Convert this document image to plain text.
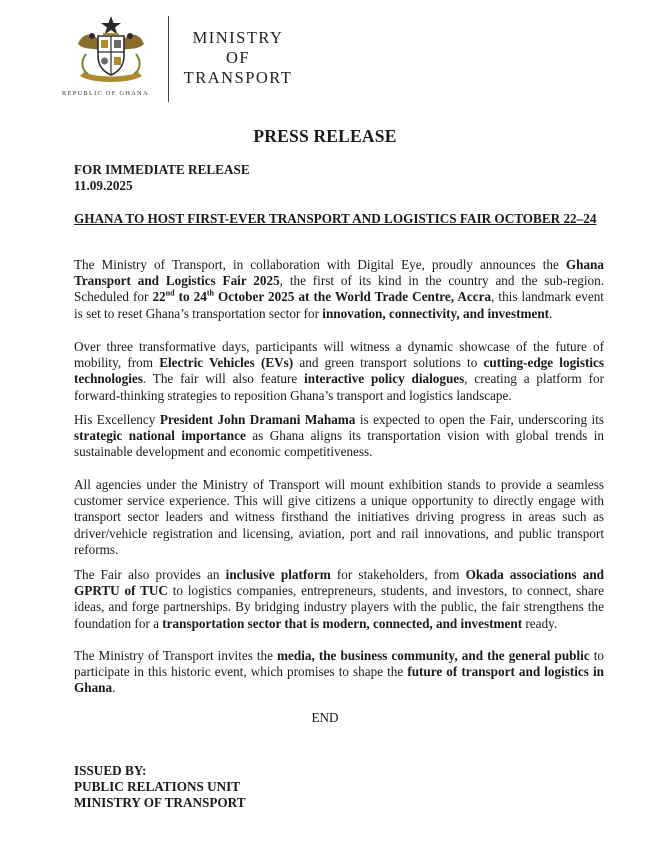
REPUBLIC OF GHANA
MINISTRY
OF
TRANSPORT
PRESS RELEASE
FOR IMMEDIATE RELEASE
11.09.2025
GHANA TO HOST FIRST-EVER TRANSPORT AND LOGISTICS FAIR OCTOBER 22–24
The Ministry of Transport, in collaboration with Digital Eye, proudly announces the Ghana Transport and Logistics Fair 2025, the first of its kind in the country and the sub-region. Scheduled for 22nd to 24th October 2025 at the World Trade Centre, Accra, this landmark event is set to reset Ghana’s transportation sector for innovation, connectivity, and investment.
Over three transformative days, participants will witness a dynamic showcase of the future of mobility, from Electric Vehicles (EVs) and green transport solutions to cutting-edge logistics technologies. The fair will also feature interactive policy dialogues, creating a platform for forward-thinking strategies to reposition Ghana’s transport and logistics landscape.
His Excellency President John Dramani Mahama is expected to open the Fair, underscoring its strategic national importance as Ghana aligns its transportation vision with global trends in sustainable development and economic competitiveness.
All agencies under the Ministry of Transport will mount exhibition stands to provide a seamless customer service experience. This will give citizens a unique opportunity to directly engage with transport sector leaders and witness firsthand the initiatives driving progress in areas such as driver/vehicle registration and licensing, aviation, port and rail innovations, and public transport reforms.
The Fair also provides an inclusive platform for stakeholders, from Okada associations and GPRTU of TUC to logistics companies, entrepreneurs, students, and investors, to connect, share ideas, and forge partnerships. By bridging industry players with the public, the fair strengthens the foundation for a transportation sector that is modern, connected, and investment ready.
The Ministry of Transport invites the media, the business community, and the general public to participate in this historic event, which promises to shape the future of transport and logistics in Ghana.
END
ISSUED BY:
PUBLIC RELATIONS UNIT
MINISTRY OF TRANSPORT
